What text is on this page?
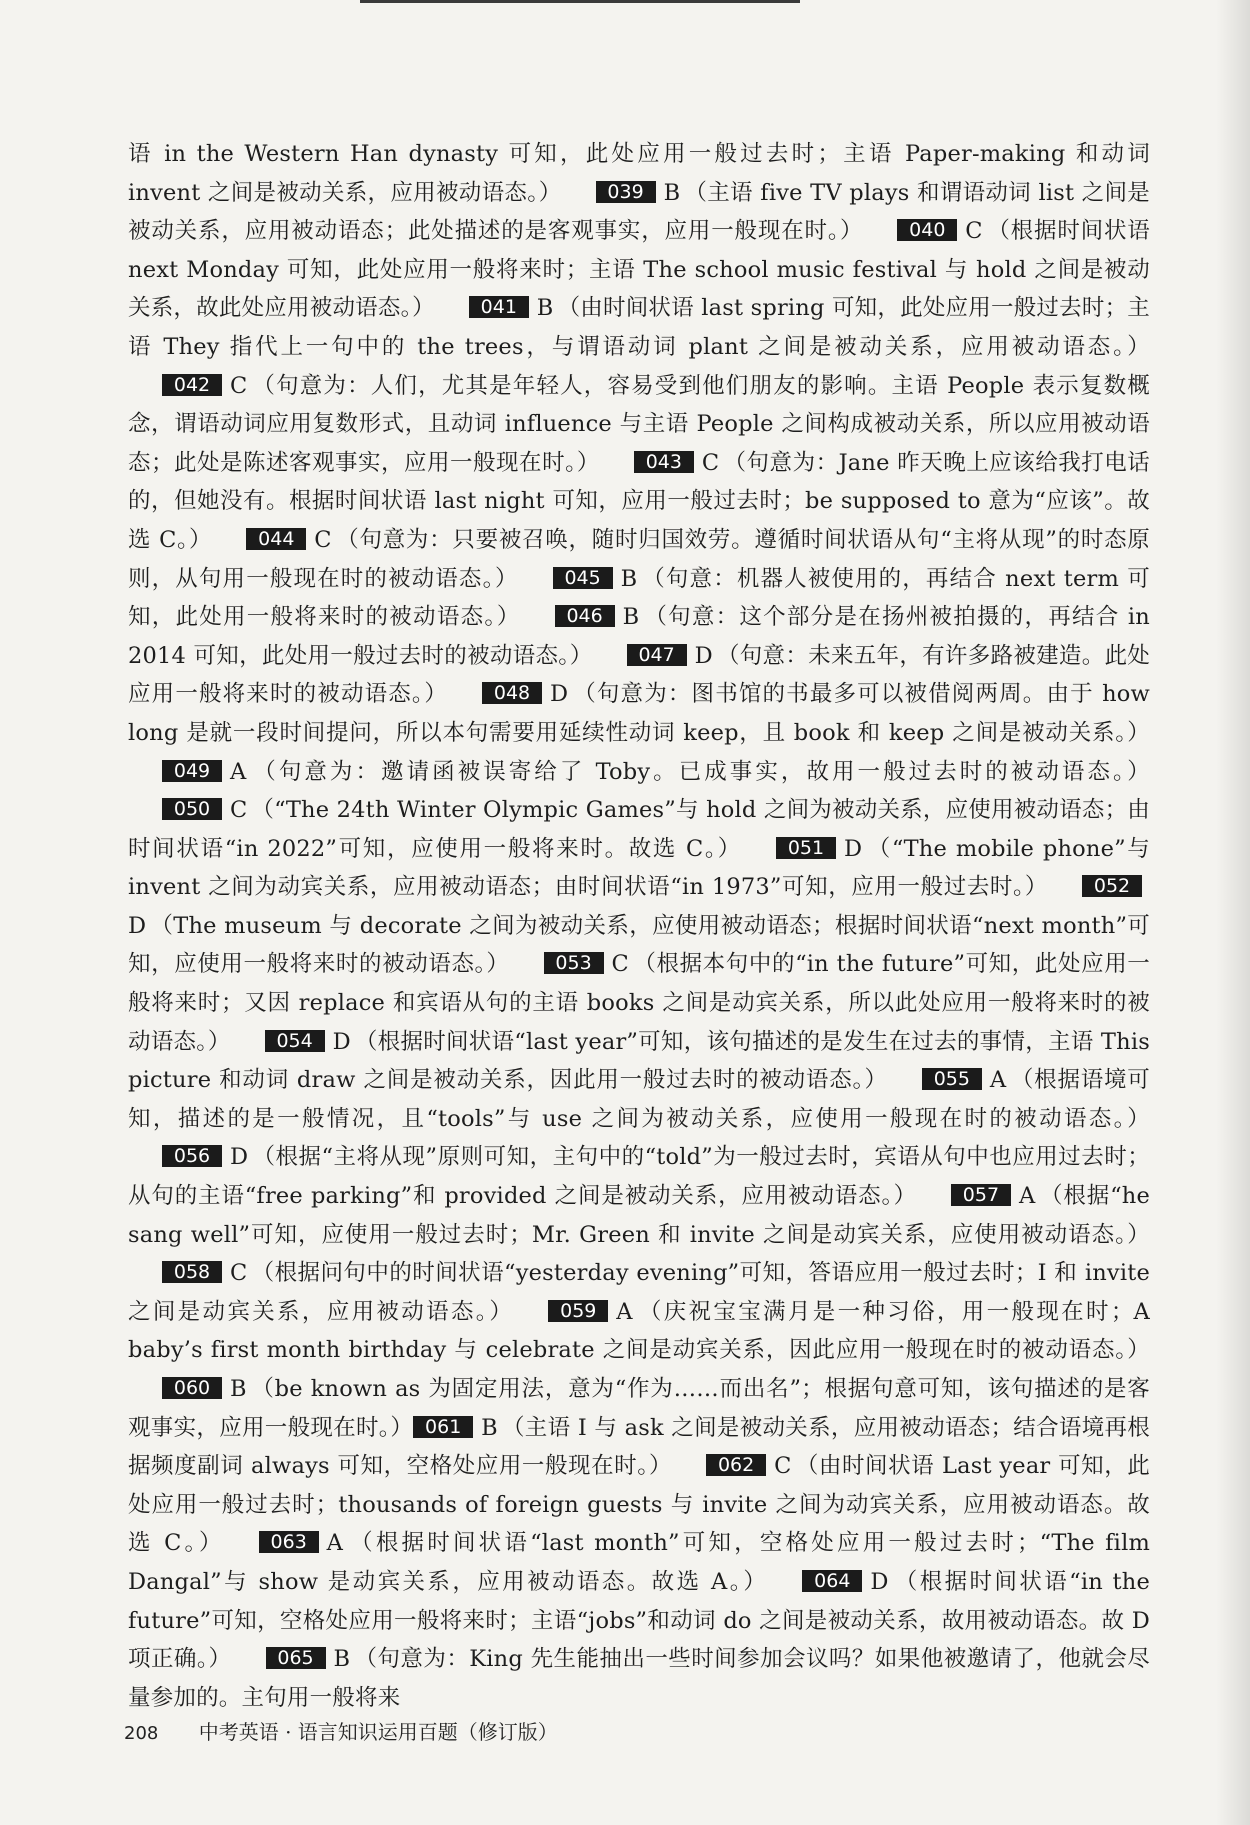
语 in the Western Han dynasty 可知，此处应用一般过去时；主语 Paper-making 和动词 invent 之间是被动关系，应用被动语态。） 039 B （主语 five TV plays 和谓语动词 list 之间是被动关系，应用被动语态；此处描述的是客观事实，应用一般现在时。） 040 C （根据时间状语 next Monday 可知，此处应用一般将来时；主语 The school music festival 与 hold 之间是被动关系，故此处应用被动语态。） 041 B （由时间状语 last spring 可知，此处应用一般过去时；主语 They 指代上一句中的 the trees，与谓语动词 plant 之间是被动关系，应用被动语态。）042 C （句意为：人们，尤其是年轻人，容易受到他们朋友的影响。主语 People 表示复数概念，谓语动词应用复数形式，且动词 influence 与主语 People 之间构成被动关系，所以应用被动语态；此处是陈述客观事实，应用一般现在时。） 043 C （句意为：Jane 昨天晚上应该给我打电话的，但她没有。根据时间状语 last night 可知，应用一般过去时；be supposed to 意为“应该”。故选 C。） 044 C （句意为：只要被召唤，随时归国效劳。遵循时间状语从句“主将从现”的时态原则，从句用一般现在时的被动语态。） 045 B （句意：机器人被使用的，再结合 next term 可知，此处用一般将来时的被动语态。） 046 B （句意：这个部分是在扬州被拍摄的，再结合 in 2014 可知，此处用一般过去时的被动语态。） 047 D （句意：未来五年，有许多路被建造。此处应用一般将来时的被动语态。） 048 D （句意为：图书馆的书最多可以被借阅两周。由于 how long 是就一段时间提问，所以本句需要用延续性动词 keep，且 book 和 keep 之间是被动关系。）049 A （句意为：邀请函被误寄给了 Toby。已成事实，故用一般过去时的被动语态。）050 C （“The 24th Winter Olympic Games”与 hold 之间为被动关系，应使用被动语态；由时间状语“in 2022”可知，应使用一般将来时。故选 C。） 051 D （“The mobile phone”与 invent 之间为动宾关系，应用被动语态；由时间状语“in 1973”可知，应用一般过去时。） 052D （The museum 与 decorate 之间为被动关系，应使用被动语态；根据时间状语“next month”可知，应使用一般将来时的被动语态。） 053 C （根据本句中的“in the future”可知，此处应用一般将来时；又因 replace 和宾语从句的主语 books 之间是动宾关系，所以此处应用一般将来时的被动语态。） 054 D （根据时间状语“last year”可知，该句描述的是发生在过去的事情，主语 This picture 和动词 draw 之间是被动关系，因此用一般过去时的被动语态。） 055 A （根据语境可知，描述的是一般情况，且“tools”与 use 之间为被动关系，应使用一般现在时的被动语态。）056 D （根据“主将从现”原则可知，主句中的“told”为一般过去时，宾语从句中也应用过去时；从句的主语“free parking”和 provided 之间是被动关系，应用被动语态。） 057 A （根据“he sang well”可知，应使用一般过去时；Mr. Green 和 invite 之间是动宾关系，应使用被动语态。）058 C （根据问句中的时间状语“yesterday evening”可知，答语应用一般过去时；I 和 invite 之间是动宾关系，应用被动语态。） 059 A （庆祝宝宝满月是一种习俗，用一般现在时；A baby’s first month birthday 与 celebrate 之间是动宾关系，因此应用一般现在时的被动语态。）060 B （be known as 为固定用法，意为“作为……而出名”；根据句意可知，该句描述的是客观事实，应用一般现在时。） 061 B （主语 I 与 ask 之间是被动关系，应用被动语态；结合语境再根据频度副词 always 可知，空格处应用一般现在时。） 062 C （由时间状语 Last year 可知，此处应用一般过去时；thousands of foreign guests 与 invite 之间为动宾关系，应用被动语态。故选 C。） 063 A （根据时间状语“last month”可知，空格处应用一般过去时；“The film Dangal”与 show 是动宾关系，应用被动语态。故选 A。） 064 D （根据时间状语“in the future”可知，空格处应用一般将来时；主语“jobs”和动词 do 之间是被动关系，故用被动语态。故 D 项正确。） 065 B （句意为：King 先生能抽出一些时间参加会议吗？如果他被邀请了，他就会尽量参加的。主句用一般将来
208 中考英语 · 语言知识运用百题（修订版）
